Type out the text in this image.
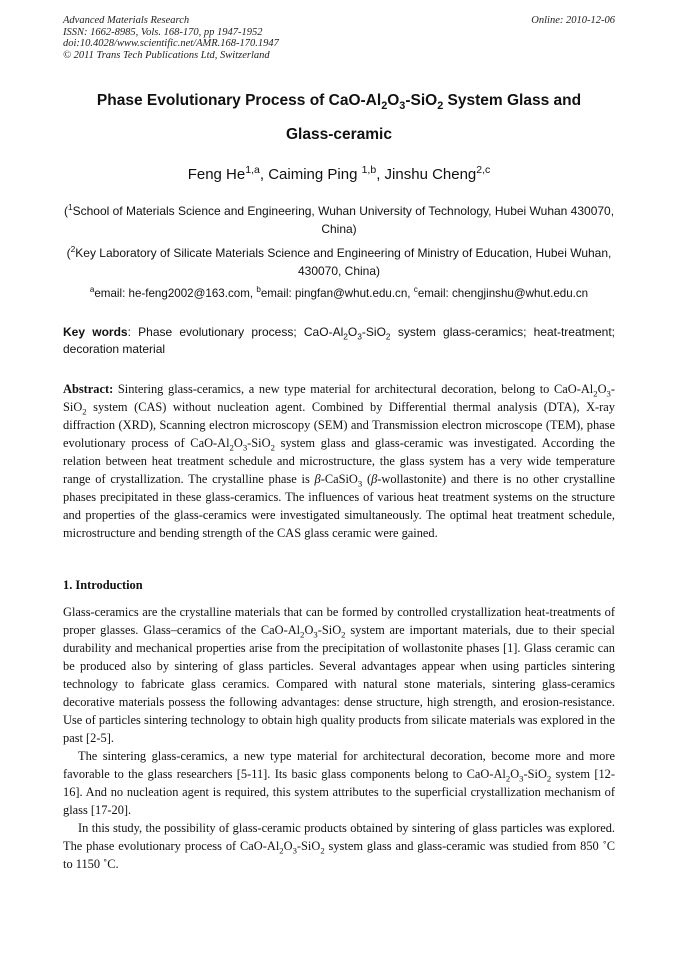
Advanced Materials Research
ISSN: 1662-8985, Vols. 168-170, pp 1947-1952
doi:10.4028/www.scientific.net/AMR.168-170.1947
© 2011 Trans Tech Publications Ltd, Switzerland
Online: 2010-12-06
Phase Evolutionary Process of CaO-$Al_2O_3-SiO_2$ System Glass and
Glass-ceramic
Feng He$^{1,a}$, Caiming Ping $^{1,b}$, Jinshu Cheng$^{2,c}$
($^1$School of Materials Science and Engineering, Wuhan University of Technology, Hubei Wuhan 430070, China)
($^2$Key Laboratory of Silicate Materials Science and Engineering of Ministry of Education, Hubei Wuhan, 430070, China)
$^a$email: he-feng2002@163.com, $^b$email: pingfan@whut.edu.cn, $^c$email: chengjinshu@whut.edu.cn
Key words: Phase evolutionary process; CaO-$Al_2O_3-SiO_2$ system glass-ceramics; heat-treatment; decoration material
Abstract: Sintering glass-ceramics, a new type material for architectural decoration, belong to CaO-$Al_2O_3-SiO_2$ system (CAS) without nucleation agent. Combined by Differential thermal analysis (DTA), X-ray diffraction (XRD), Scanning electron microscopy (SEM) and Transmission electron microscope (TEM), phase evolutionary process of CaO-$Al_2O_3-SiO_2$ system glass and glass-ceramic was investigated. According the relation between heat treatment schedule and microstructure, the glass system has a very wide temperature range of crystallization. The crystalline phase is β-CaSiO$_3$ (β-wollastonite) and there is no other crystalline phases precipitated in these glass-ceramics. The influences of various heat treatment systems on the structure and properties of the glass-ceramics were investigated simultaneously. The optimal heat treatment schedule, microstructure and bending strength of the CAS glass ceramic were gained.
1. Introduction

Glass-ceramics are the crystalline materials that can be formed by controlled crystallization heat-treatments of proper glasses. Glass–ceramics of the CaO-$Al_2O_3-SiO_2$ system are important materials, due to their special durability and mechanical properties arise from the precipitation of wollastonite phases [1]. Glass ceramic can be produced also by sintering of glass particles. Several advantages appear when using particles sintering technology to fabricate glass ceramics. Compared with natural stone materials, sintering glass-ceramics decorative materials possess the following advantages: dense structure, high strength, and erosion-resistance. Use of particles sintering technology to obtain high quality products from silicate materials was explored in the past [2-5].

The sintering glass-ceramics, a new type material for architectural decoration, become more and more favorable to the glass researchers [5-11]. Its basic glass components belong to CaO-$Al_2O_3-SiO_2$ system [12-16]. And no nucleation agent is required, this system attributes to the superficial crystallization mechanism of glass [17-20].

In this study, the possibility of glass-ceramic products obtained by sintering of glass particles was explored. The phase evolutionary process of CaO-$Al_2O_3-SiO_2$ system glass and glass-ceramic was studied from 850 ˚C to 1150 ˚C.
